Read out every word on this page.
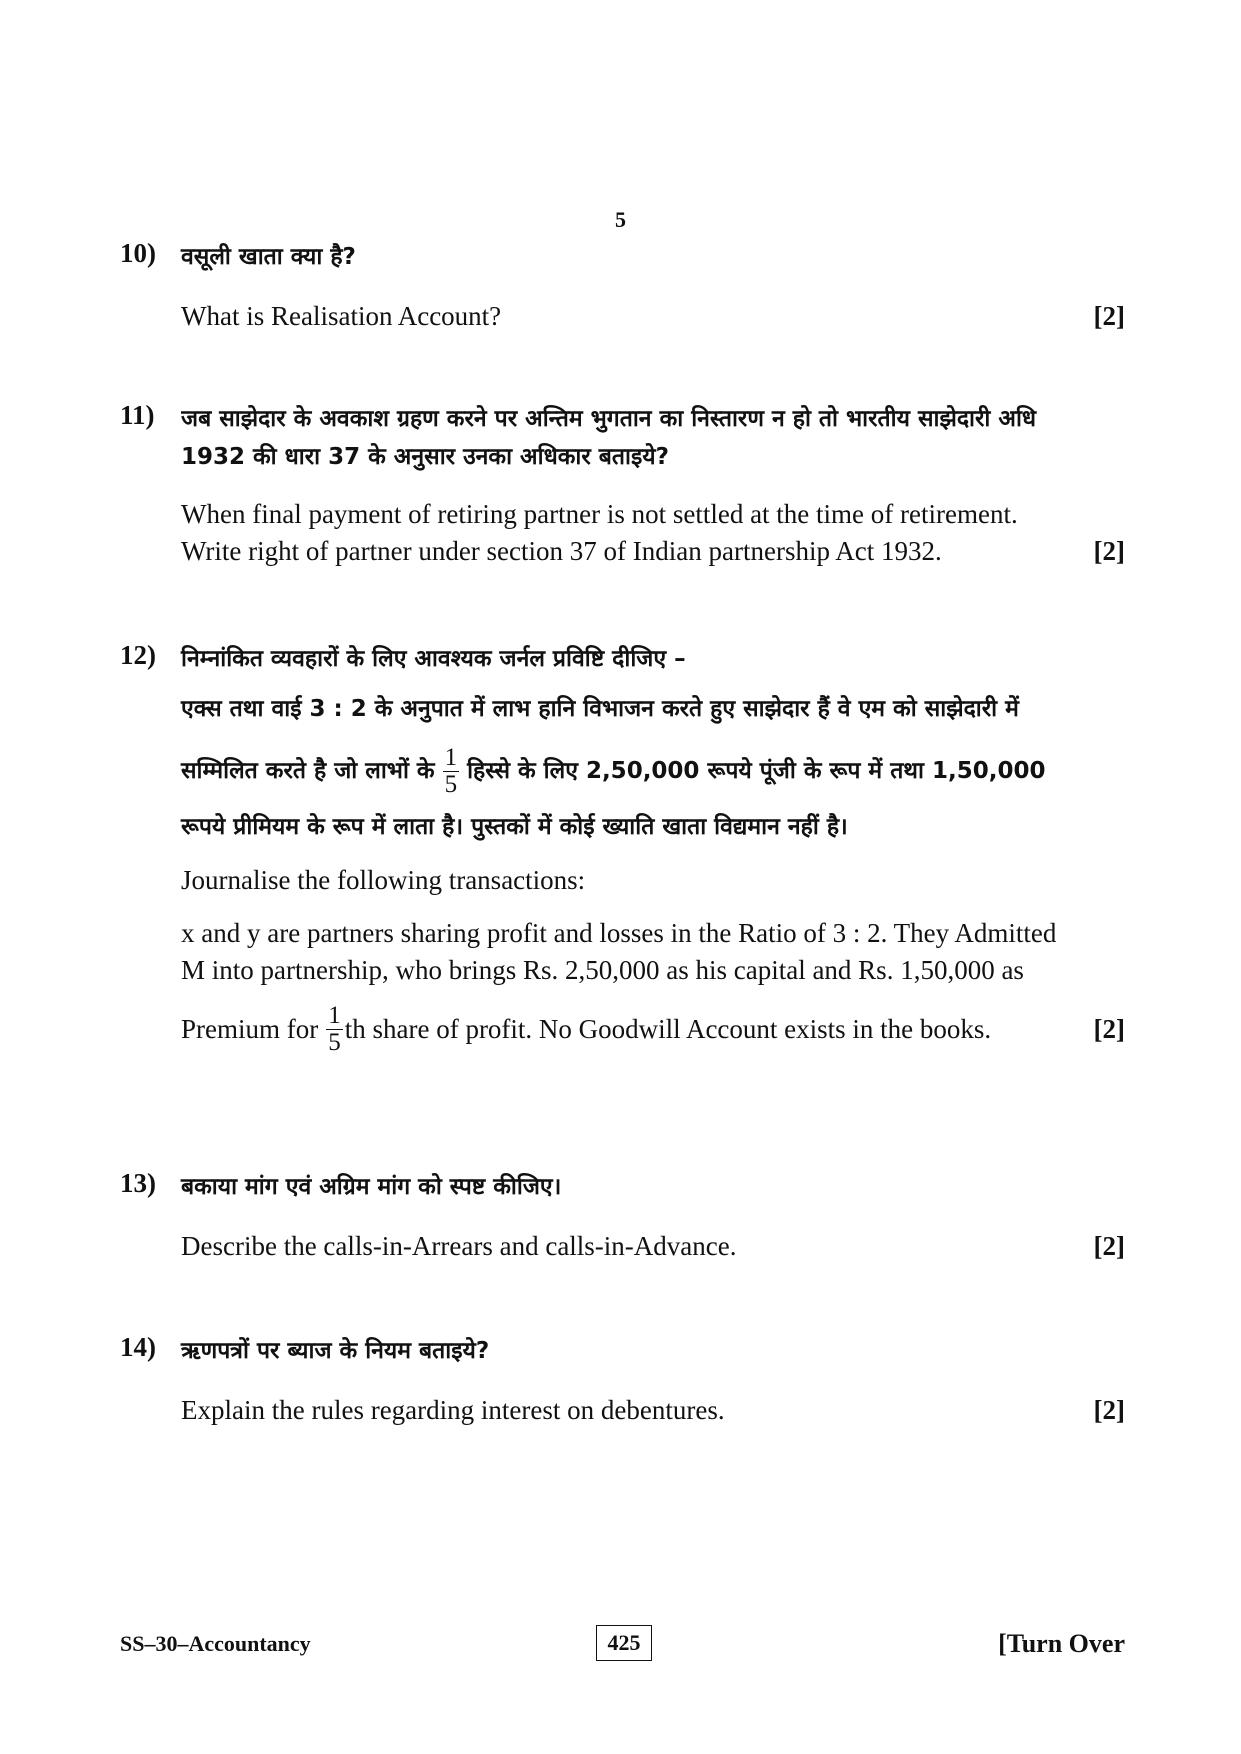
5
10) वसूली खाता क्या है?
What is Realisation Account?	[2]
11) जब साझेदार के अवकाश ग्रहण करने पर अन्तिम भुगतान का निस्तारण न हो तो भारतीय साझेदारी अधि
1932 की धारा 37 के अनुसार उनका अधिकार बताइये?
When final payment of retiring partner is not settled at the time of retirement.
Write right of partner under section 37 of Indian partnership Act 1932.	[2]
12) निम्नांकित व्यवहारों के लिए आवश्यक जर्नल प्रविष्टि दीजिए –
एक्स तथा वाई 3 : 2 के अनुपात में लाभ हानि विभाजन करते हुए साझेदार हैं वे एम को साझेदारी में
सम्मिलित करते है जो लाभों के $\frac{1}{5}$ हिस्से के लिए 2,50,000 रूपये पूंजी के रूप में तथा 1,50,000
रूपये प्रीमियम के रूप में लाता है। पुस्तकों में कोई ख्याति खाता विद्यमान नहीं है।
Journalise the following transactions:
x and y are partners sharing profit and losses in the Ratio of 3 : 2. They Admitted
M into partnership, who brings Rs. 2,50,000 as his capital and Rs. 1,50,000 as
Premium for $\frac{1}{5}$ th share of profit. No Goodwill Account exists in the books.	[2]
13) बकाया मांग एवं अग्रिम मांग को स्पष्ट कीजिए।
Describe the calls-in-Arrears and calls-in-Advance.	[2]
14) ऋणपत्रों पर ब्याज के नियम बताइये?
Explain the rules regarding interest on debentures.	[2]
SS–30–Accountancy	425	[Turn Over
